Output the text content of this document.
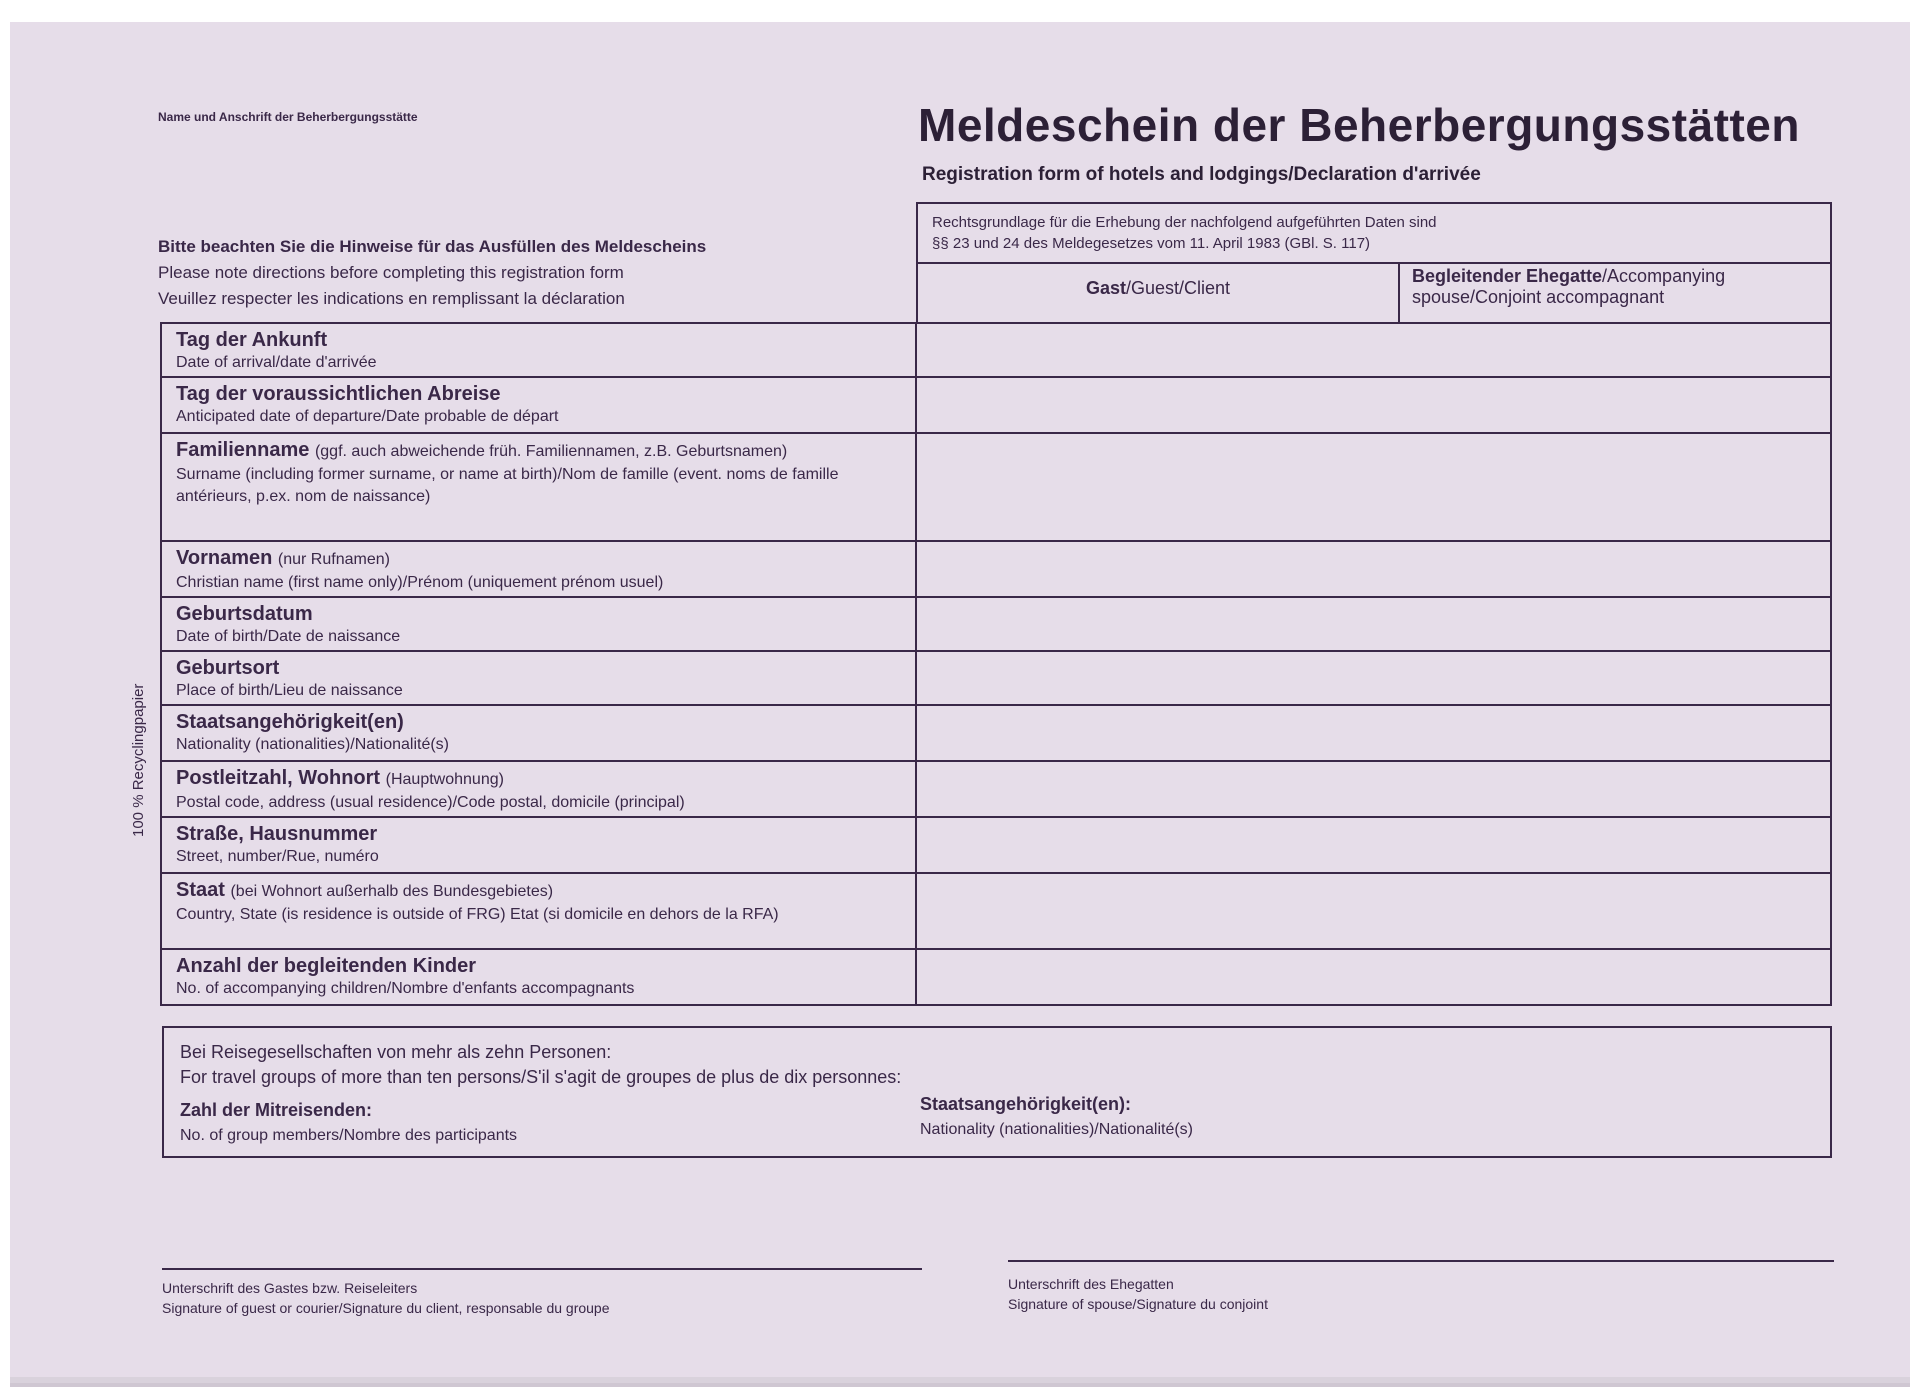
Name und Anschrift der Beherbergungsstätte	Meldeschein der Beherbergungsstätten
Registration form of hotels and lodgings/Declaration d'arrivée
Bitte beachten Sie die Hinweise für das Ausfüllen des Meldescheins
Please note directions before completing this registration form
Veuillez respecter les indications en remplissant la déclaration
Rechtsgrundlage für die Erhebung der nachfolgend aufgeführten Daten sind
§§ 23 und 24 des Meldegesetzes vom 11. April 1983 (GBl. S. 117)
Gast/Guest/Client
Begleitender Ehegatte/Accompanying spouse/Conjoint accompagnant
Tag der Ankunft
Date of arrival/date d'arrivée	

Tag der voraussichtlichen Abreise
Anticipated date of departure/Date probable de départ	

Familienname (ggf. auch abweichende früh. Familiennamen, z.B. Geburtsnamen)
Surname (including former surname, or name at birth)/Nom de famille (event. noms de famille antérieurs, p.ex. nom de naissance)	

Vornamen (nur Rufnamen)
Christian name (first name only)/Prénom (uniquement prénom usuel)	

Geburtsdatum
Date of birth/Date de naissance	

Geburtsort
Place of birth/Lieu de naissance	

Staatsangehörigkeit(en)
Nationality (nationalities)/Nationalité(s)	

Postleitzahl, Wohnort (Hauptwohnung)
Postal code, address (usual residence)/Code postal, domicile (principal)	

Straße, Hausnummer
Street, number/Rue, numéro	

Staat (bei Wohnort außerhalb des Bundesgebietes)
Country, State (is residence is outside of FRG) Etat (si domicile en dehors de la RFA)	

Anzahl der begleitenden Kinder
No. of accompanying children/Nombre d'enfants accompagnants	

Bei Reisegesellschaften von mehr als zehn Personen:
For travel groups of more than ten persons/S'il s'agit de groupes de plus de dix personnes:
Zahl der Mitreisenden:
No. of group members/Nombre des participants
Staatsangehörigkeit(en):
Nationality (nationalities)/Nationalité(s)
100 % Recyclingpapier
Unterschrift des Gastes bzw. Reiseleiters
Signature of guest or courier/Signature du client, responsable du groupe
Unterschrift des Ehegatten
Signature of spouse/Signature du conjoint
